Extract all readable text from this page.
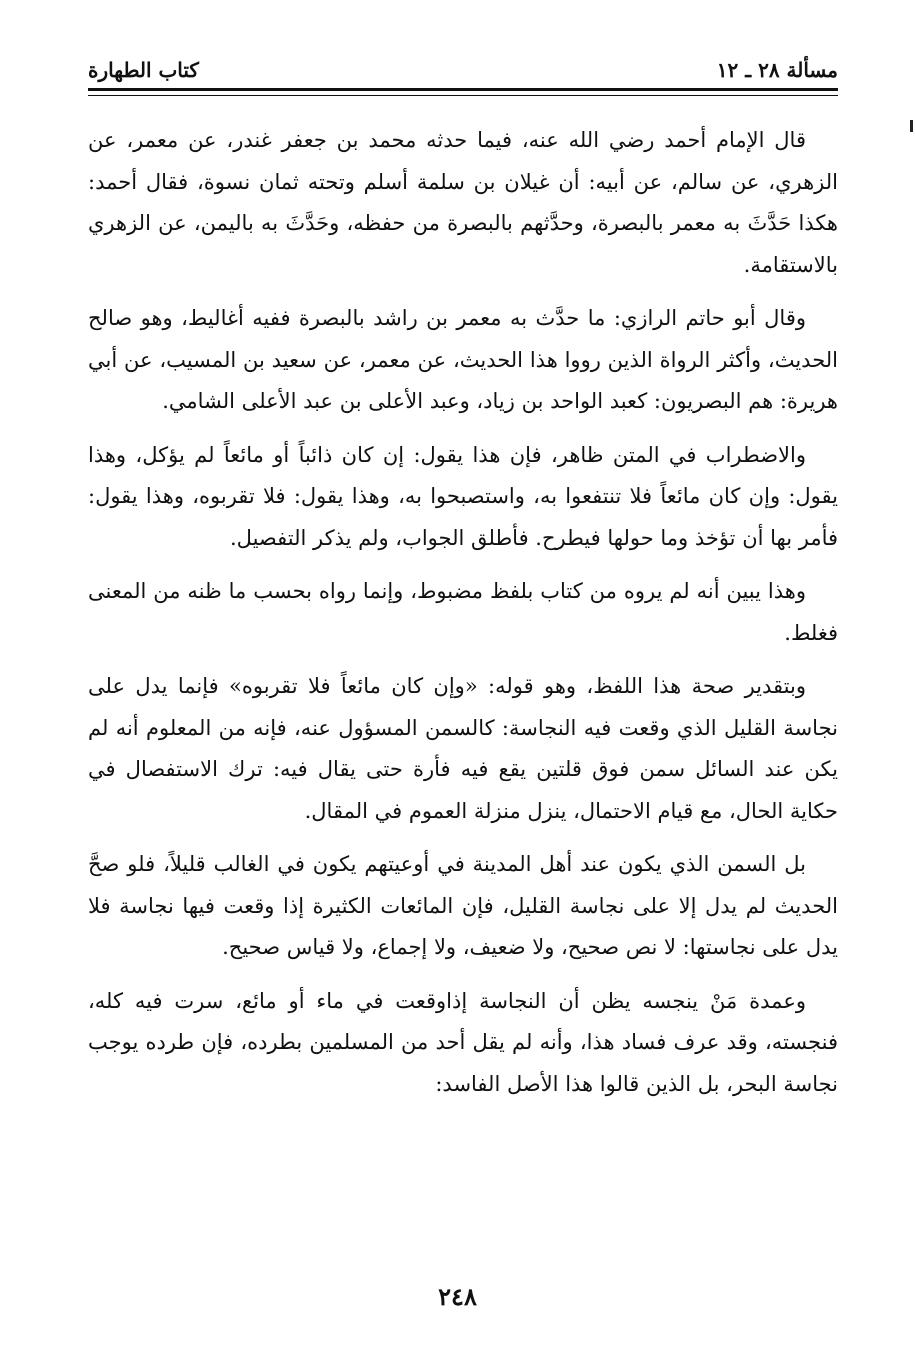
مسألة ٢٨ ـ ١٢
كتاب الطهارة

قال الإمام أحمد رضي الله عنه، فيما حدثه محمد بن جعفر غندر، عن معمر، عن الزهري، عن سالم، عن أبيه: أن غيلان بن سلمة أسلم وتحته ثمان نسوة، فقال أحمد: هكذا حَدَّثَ به معمر بالبصرة، وحدَّثهم بالبصرة من حفظه، وحَدَّثَ به باليمن، عن الزهري بالاستقامة.

وقال أبو حاتم الرازي: ما حدَّث به معمر بن راشد بالبصرة ففيه أغاليط، وهو صالح الحديث، وأكثر الرواة الذين رووا هذا الحديث، عن معمر، عن سعيد بن المسيب، عن أبي هريرة: هم البصريون: كعبد الواحد بن زياد، وعبد الأعلى بن عبد الأعلى الشامي.

والاضطراب في المتن ظاهر، فإن هذا يقول: إن كان ذائباً أو مائعاً لم يؤكل، وهذا يقول: وإن كان مائعاً فلا تنتفعوا به، واستصبحوا به، وهذا يقول: فلا تقربوه، وهذا يقول: فأمر بها أن تؤخذ وما حولها فيطرح. فأطلق الجواب، ولم يذكر التفصيل.

وهذا يبين أنه لم يروه من كتاب بلفظ مضبوط، وإنما رواه بحسب ما ظنه من المعنى فغلط.

وبتقدير صحة هذا اللفظ، وهو قوله: «وإن كان مائعاً فلا تقربوه» فإنما يدل على نجاسة القليل الذي وقعت فيه النجاسة: كالسمن المسؤول عنه، فإنه من المعلوم أنه لم يكن عند السائل سمن فوق قلتين يقع فيه فأرة حتى يقال فيه: ترك الاستفصال في حكاية الحال، مع قيام الاحتمال، ينزل منزلة العموم في المقال.

بل السمن الذي يكون عند أهل المدينة في أوعيتهم يكون في الغالب قليلاً، فلو صحَّ الحديث لم يدل إلا على نجاسة القليل، فإن المائعات الكثيرة إذا وقعت فيها نجاسة فلا يدل على نجاستها: لا نص صحيح، ولا ضعيف، ولا إجماع، ولا قياس صحيح.

وعمدة مَنْ ينجسه يظن أن النجاسة إذاوقعت في ماء أو مائع، سرت فيه كله، فنجسته، وقد عرف فساد هذا، وأنه لم يقل أحد من المسلمين بطرده، فإن طرده يوجب نجاسة البحر، بل الذين قالوا هذا الأصل الفاسد:

٢٤٨
